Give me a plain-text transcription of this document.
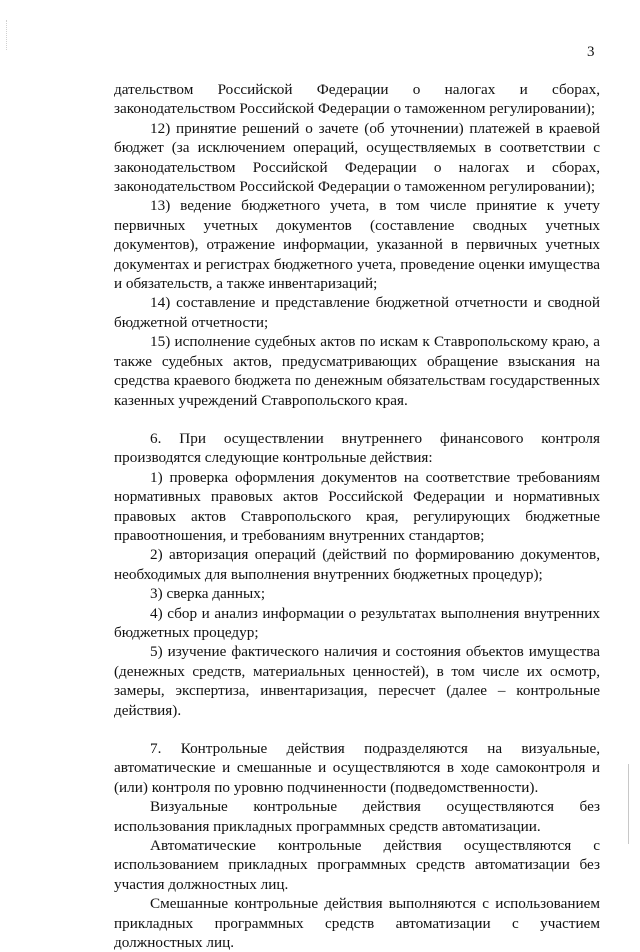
3

дательством Российской Федерации о налогах и сборах, законодательством Российской Федерации о таможенном регулировании);

12) принятие решений о зачете (об уточнении) платежей в краевой бюджет (за исключением операций, осуществляемых в соответствии с законодательством Российской Федерации о налогах и сборах, законодательством Российской Федерации о таможенном регулировании);

13) ведение бюджетного учета, в том числе принятие к учету первичных учетных документов (составление сводных учетных документов), отражение информации, указанной в первичных учетных документах и регистрах бюджетного учета, проведение оценки имущества и обязательств, а также инвентаризаций;

14) составление и представление бюджетной отчетности и сводной бюджетной отчетности;

15) исполнение судебных актов по искам к Ставропольскому краю, а также судебных актов, предусматривающих обращение взыскания на средства краевого бюджета по денежным обязательствам государственных казенных учреждений Ставропольского края.

6. При осуществлении внутреннего финансового контроля производятся следующие контрольные действия:

1) проверка оформления документов на соответствие требованиям нормативных правовых актов Российской Федерации и нормативных правовых актов Ставропольского края, регулирующих бюджетные правоотношения, и требованиям внутренних стандартов;

2) авторизация операций (действий по формированию документов, необходимых для выполнения внутренних бюджетных процедур);

3) сверка данных;

4) сбор и анализ информации о результатах выполнения внутренних бюджетных процедур;

5) изучение фактического наличия и состояния объектов имущества (денежных средств, материальных ценностей), в том числе их осмотр, замеры, экспертиза, инвентаризация, пересчет (далее – контрольные действия).

7. Контрольные действия подразделяются на визуальные, автоматические и смешанные и осуществляются в ходе самоконтроля и (или) контроля по уровню подчиненности (подведомственности).

Визуальные контрольные действия осуществляются без использования прикладных программных средств автоматизации.

Автоматические контрольные действия осуществляются с использованием прикладных программных средств автоматизации без участия должностных лиц.

Смешанные контрольные действия выполняются с использованием прикладных программных средств автоматизации с участием должностных лиц.
